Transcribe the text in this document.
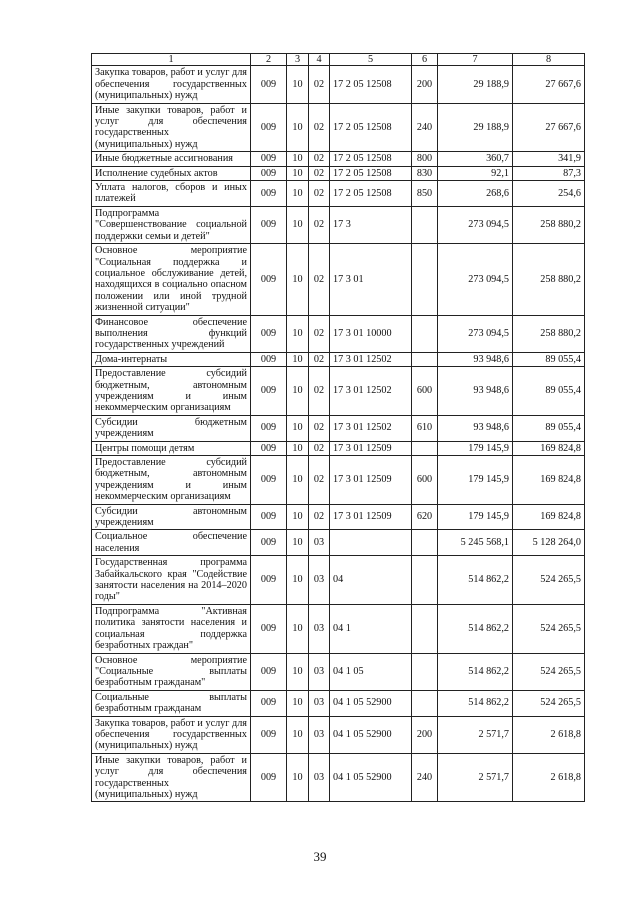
1	2	3	4	5	6	7	8
Закупка товаров, работ и услуг для обеспечения государственных (муниципальных) нужд	009	10	02	17 2 05 12508	200	29 188,9	27 667,6
Иные закупки товаров, работ и услуг для обеспечения государственных (муниципальных) нужд	009	10	02	17 2 05 12508	240	29 188,9	27 667,6
Иные бюджетные ассигнования	009	10	02	17 2 05 12508	800	360,7	341,9
Исполнение судебных актов	009	10	02	17 2 05 12508	830	92,1	87,3
Уплата налогов, сборов и иных платежей	009	10	02	17 2 05 12508	850	268,6	254,6
Подпрограмма "Совершенствование социальной поддержки семьи и детей"	009	10	02	17 3		273 094,5	258 880,2
Основное мероприятие "Социальная поддержка и социальное обслуживание детей, находящихся в социально опасном положении или иной трудной жизненной ситуации"	009	10	02	17 3 01		273 094,5	258 880,2
Финансовое обеспечение выполнения функций государственных учреждений	009	10	02	17 3 01 10000		273 094,5	258 880,2
Дома-интернаты	009	10	02	17 3 01 12502		93 948,6	89 055,4
Предоставление субсидий бюджетным, автономным учреждениям и иным некоммерческим организациям	009	10	02	17 3 01 12502	600	93 948,6	89 055,4
Субсидии бюджетным учреждениям	009	10	02	17 3 01 12502	610	93 948,6	89 055,4
Центры помощи детям	009	10	02	17 3 01 12509		179 145,9	169 824,8
Предоставление субсидий бюджетным, автономным учреждениям и иным некоммерческим организациям	009	10	02	17 3 01 12509	600	179 145,9	169 824,8
Субсидии автономным учреждениям	009	10	02	17 3 01 12509	620	179 145,9	169 824,8
Социальное обеспечение населения	009	10	03			5 245 568,1	5 128 264,0
Государственная программа Забайкальского края "Содействие занятости населения на 2014–2020 годы"	009	10	03	04		514 862,2	524 265,5
Подпрограмма "Активная политика занятости населения и социальная поддержка безработных граждан"	009	10	03	04 1		514 862,2	524 265,5
Основное мероприятие "Социальные выплаты безработным гражданам"	009	10	03	04 1 05		514 862,2	524 265,5
Социальные выплаты безработным гражданам	009	10	03	04 1 05 52900		514 862,2	524 265,5
Закупка товаров, работ и услуг для обеспечения государственных (муниципальных) нужд	009	10	03	04 1 05 52900	200	2 571,7	2 618,8
Иные закупки товаров, работ и услуг для обеспечения государственных (муниципальных) нужд	009	10	03	04 1 05 52900	240	2 571,7	2 618,8
39
